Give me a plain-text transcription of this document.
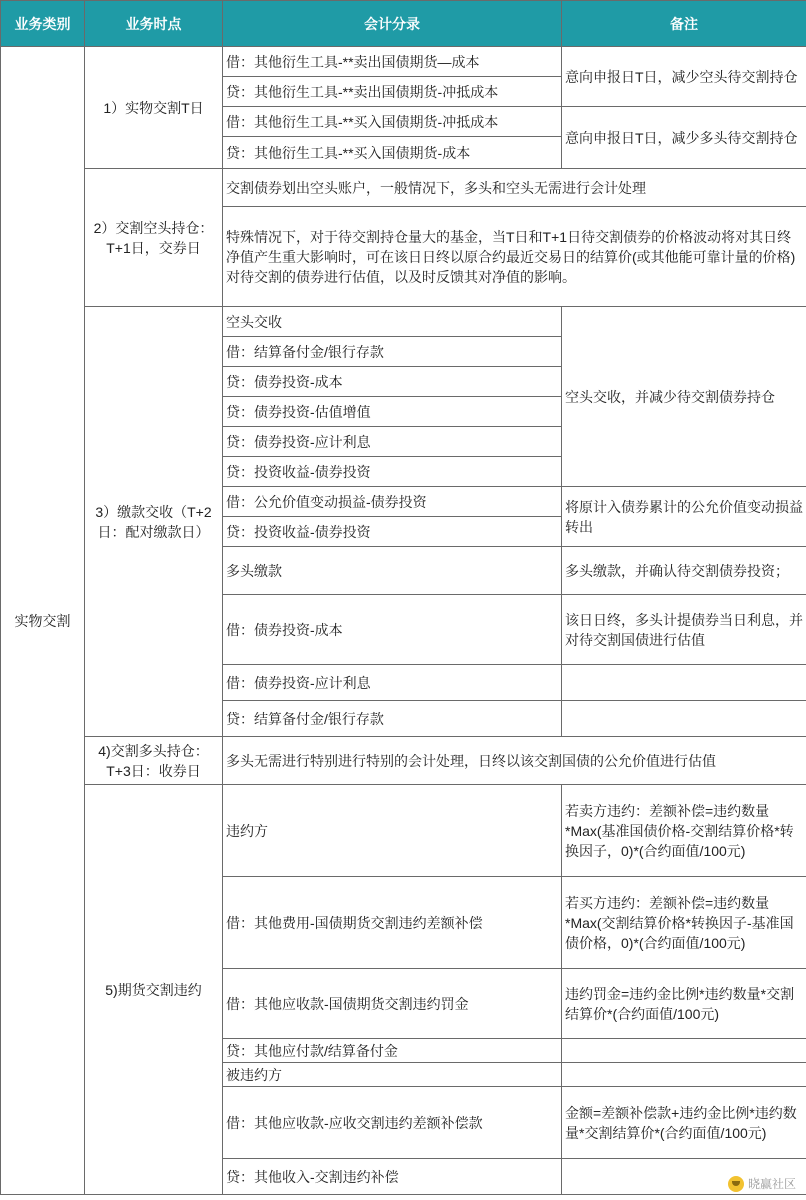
业务类别	业务时点	会计分录	备注
实物交割	1）实物交割T日	借：其他衍生工具-**卖出国债期货—成本	意向申报日T日，减少空头待交割持仓
		贷：其他衍生工具-**卖出国债期货-冲抵成本	
		借：其他衍生工具-**买入国债期货-冲抵成本	意向申报日T日，减少多头待交割持仓
		贷：其他衍生工具-**买入国债期货-成本	
	2）交割空头持仓：T+1日，交券日	交割债券划出空头账户，一般情况下，多头和空头无需进行会计处理	
		特殊情况下，对于待交割持仓量大的基金，当T日和T+1日待交割债券的价格波动将对其日终净值产生重大影响时，可在该日日终以原合约最近交易日的结算价(或其他能可靠计量的价格)对待交割的债券进行估值，以及时反馈其对净值的影响。	
	3）缴款交收（T+2日：配对缴款日）	空头交收	空头交收，并减少待交割债券持仓
		借：结算备付金/银行存款	
		贷：债券投资-成本	
		贷：债券投资-估值增值	
		贷：债券投资-应计利息	
		贷：投资收益-债券投资	
		借：公允价值变动损益-债券投资	将原计入债券累计的公允价值变动损益转出
		贷：投资收益-债券投资	
		多头缴款	多头缴款，并确认待交割债券投资；
		借：债券投资-成本	该日日终，多头计提债券当日利息，并对待交割国债进行估值
		借：债券投资-应计利息	
		贷：结算备付金/银行存款	
	4)交割多头持仓：T+3日：收券日	多头无需进行特别进行特别的会计处理，日终以该交割国债的公允价值进行估值	
	5)期货交割违约	违约方	若卖方违约：差额补偿=违约数量*Max(基准国债价格-交割结算价格*转换因子，0)*(合约面值/100元)
		借：其他费用-国债期货交割违约差额补偿	若买方违约：差额补偿=违约数量*Max(交割结算价格*转换因子-基准国债价格，0)*(合约面值/100元)
		借：其他应收款-国债期货交割违约罚金	违约罚金=违约金比例*违约数量*交割结算价*(合约面值/100元)
		贷：其他应付款/结算备付金	
		被违约方	
		借：其他应收款-应收交割违约差额补偿款	金额=差额补偿款+违约金比例*违约数量*交割结算价*(合约面值/100元)
		贷：其他收入-交割违约补偿		晓赢社区
